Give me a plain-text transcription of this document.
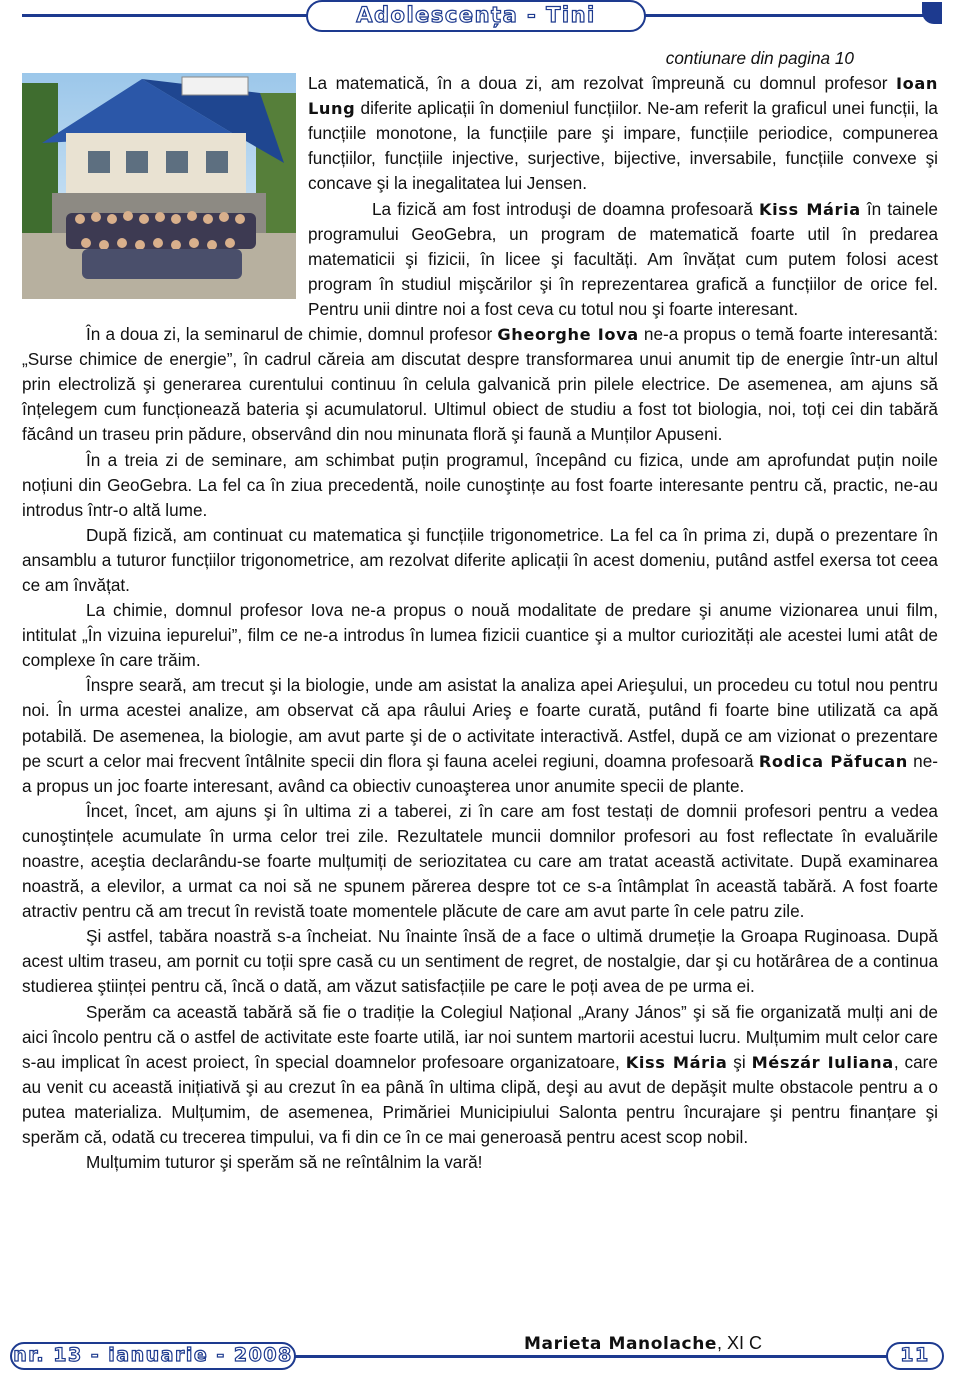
Adolescența - Tini

contiunare din pagina 10

La matematică, în a doua zi, am rezolvat împreună cu domnul profesor Ioan Lung diferite aplicații în domeniul funcțiilor. Ne-am referit la graficul unei funcții, la funcțiile monotone, la funcțiile pare şi impare, funcțiile periodice, compunerea funcțiilor, funcțiile injective, surjective, bijective, inversabile, funcțiile convexe şi concave şi la inegalitatea lui Jensen.

La fizică am fost introduşi de doamna profesoară Kiss Mária în tainele programului GeoGebra, un program de matematică foarte util în predarea matematicii şi fizicii, în licee şi facultăți. Am învățat cum putem folosi acest program în studiul mişcărilor şi în reprezentarea grafică a funcțiilor de orice fel. Pentru unii dintre noi a fost ceva cu totul nou şi foarte interesant.

În a doua zi, la seminarul de chimie, domnul profesor Gheorghe Iova ne-a propus o temă foarte interesantă: „Surse chimice de energie”, în cadrul căreia am discutat despre transformarea unui anumit tip de energie într-un altul prin electroliză şi generarea curentului continuu în celula galvanică prin pilele electrice. De asemenea, am ajuns să înțelegem cum funcționează bateria şi acumulatorul. Ultimul obiect de studiu a fost tot biologia, noi, toți cei din tabără făcând un traseu prin pădure, observând din nou minunata floră şi faună a Munților Apuseni.

În a treia zi de seminare, am schimbat puțin programul, începând cu fizica, unde am aprofundat puțin noile noțiuni din GeoGebra. La fel ca în ziua precedentă, noile cunoştințe au fost foarte interesante pentru că, practic, ne-au introdus într-o altă lume.

După fizică, am continuat cu matematica şi funcțiile trigonometrice. La fel ca în prima zi, după o prezentare în ansamblu a tuturor funcțiilor trigonometrice, am rezolvat diferite aplicații în acest domeniu, putând astfel exersa tot ceea ce am învățat.

La chimie, domnul profesor Iova ne-a propus o nouă modalitate de predare şi anume vizionarea unui film, intitulat „În vizuina iepurelui”, film ce ne-a introdus în lumea fizicii cuantice şi a multor curiozități ale acestei lumi atât de complexe în care trăim.

Înspre seară, am trecut şi la biologie, unde am asistat la analiza apei Arieşului, un procedeu cu totul nou pentru noi. În urma acestei analize, am observat că apa râului Arieş e foarte curată, putând fi foarte bine utilizată ca apă potabilă. De asemenea, la biologie, am avut parte şi de o activitate interactivă. Astfel, după ce am vizionat o prezentare pe scurt a celor mai frecvent întâlnite specii din flora şi fauna acelei regiuni, doamna profesoară Rodica Păfucan ne-a propus un joc foarte interesant, având ca obiectiv cunoaşterea unor anumite specii de plante.

Încet, încet, am ajuns şi în ultima zi a taberei, zi în care am fost testați de domnii profesori pentru a vedea cunoştințele acumulate în urma celor trei zile. Rezultatele muncii domnilor profesori au fost reflectate în evaluările noastre, aceştia declarându-se foarte mulțumiți de seriozitatea cu care am tratat această activitate. După examinarea noastră, a elevilor, a urmat ca noi să ne spunem părerea despre tot ce s-a întâmplat în această tabără. A fost foarte atractiv pentru că am trecut în revistă toate momentele plăcute de care am avut parte în cele patru zile.

Şi astfel, tabăra noastră s-a încheiat. Nu înainte însă de a face o ultimă drumeție la Groapa Ruginoasa. După acest ultim traseu, am pornit cu toții spre casă cu un sentiment de regret, de nostalgie, dar şi cu hotărârea de a continua studierea ştiinței pentru că, încă o dată, am văzut satisfacțiile pe care le poți avea de pe urma ei.

Sperăm ca această tabără să fie o tradiție la Colegiul Național „Arany János” şi să fie organizată mulți ani de aici încolo pentru că o astfel de activitate este foarte utilă, iar noi suntem martorii acestui lucru. Mulțumim mult celor care s-au implicat în acest proiect, în special doamnelor profesoare organizatoare, Kiss Mária şi Mészár Iuliana, care au venit cu această inițiativă şi au crezut în ea până în ultima clipă, deşi au avut de depăşit multe obstacole pentru a o putea materializa. Mulțumim, de asemenea, Primăriei Municipiului Salonta pentru încurajare şi pentru finanțare şi sperăm că, odată cu trecerea timpului, va fi din ce în ce mai generoasă pentru acest scop nobil.

Mulțumim tuturor şi sperăm să ne reîntâlnim la vară!

Marieta Manolache, XI C
nr. 13 - ianuarie - 2008	11
